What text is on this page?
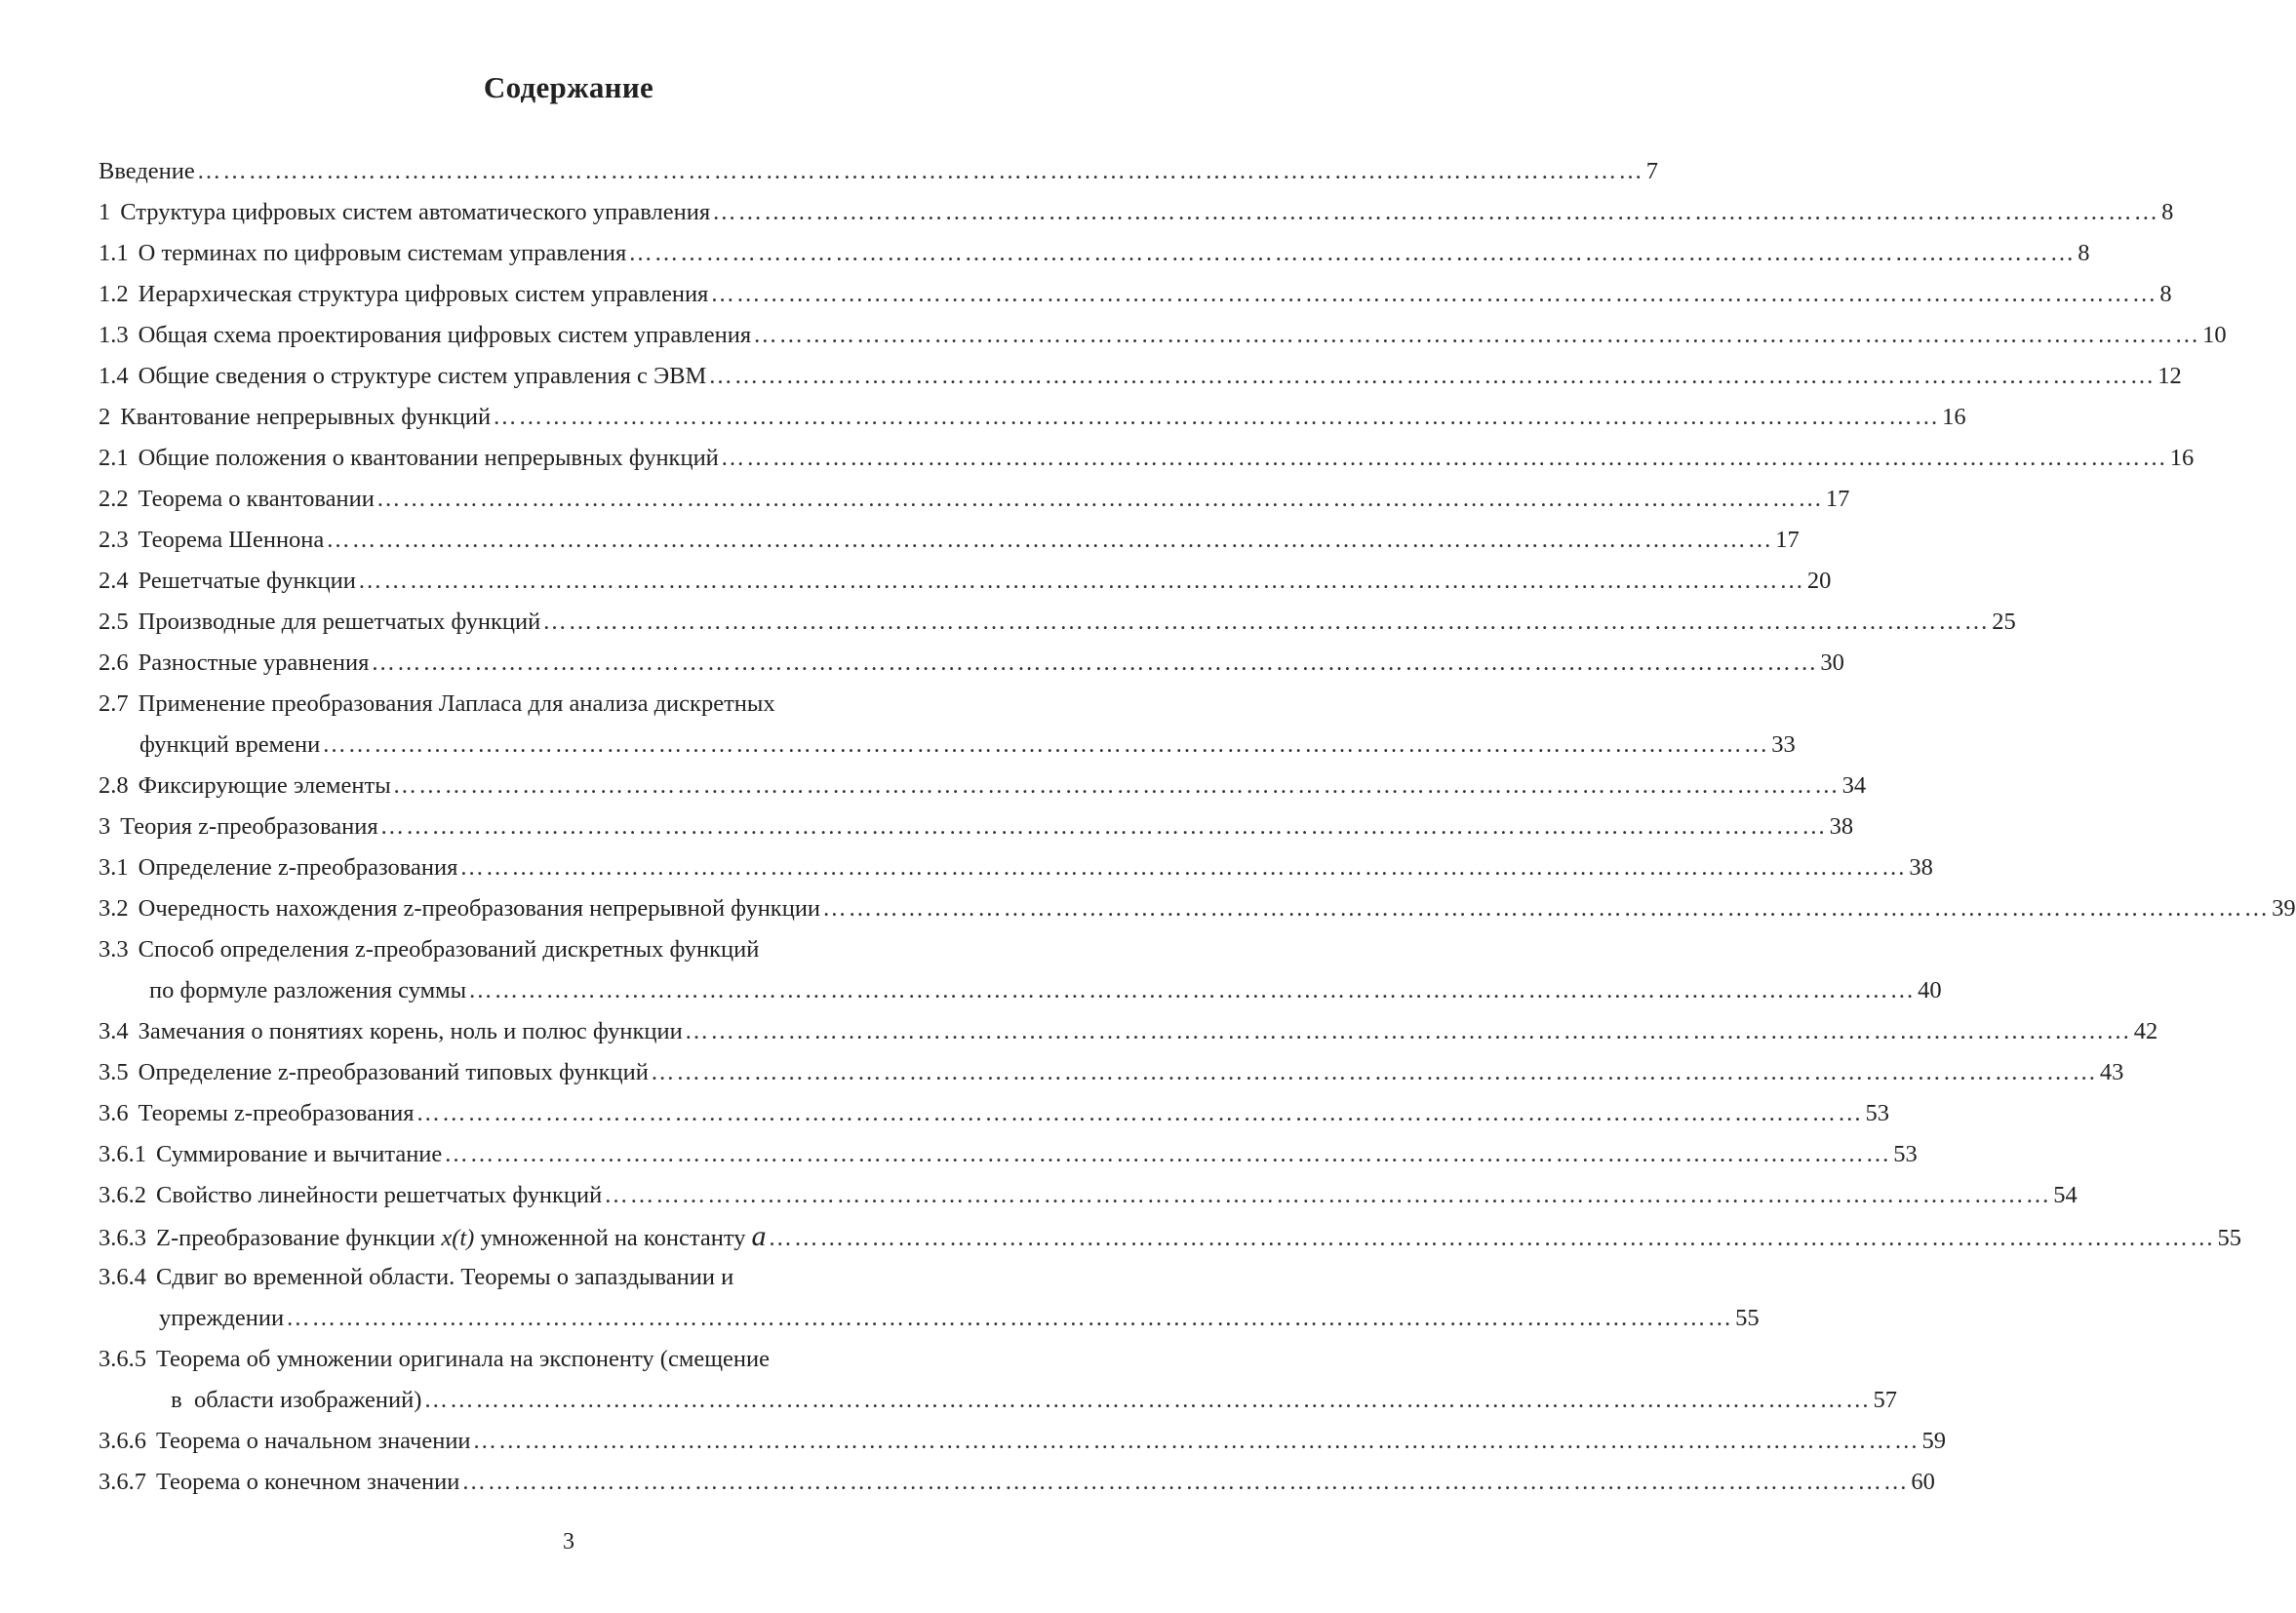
Содержание
Введение ……………………………………………………………………………………………………………………………………………………	7
1 Структура цифровых систем автоматического управления ……………………………………………………………………………………………………………………………………………………	8
1.1 О терминах по цифровым системам управления ……………………………………………………………………………………………………………………………………………………	8
1.2 Иерархическая структура цифровых систем управления ……………………………………………………………………………………………………………………………………………………	8
1.3 Общая схема проектирования цифровых систем управления ……………………………………………………………………………………………………………………………………………………	10
1.4 Общие сведения о структуре систем управления с ЭВМ ……………………………………………………………………………………………………………………………………………………	12
2 Квантование непрерывных функций ……………………………………………………………………………………………………………………………………………………	16
2.1 Общие положения о квантовании непрерывных функций ……………………………………………………………………………………………………………………………………………………	16
2.2 Теорема о квантовании ……………………………………………………………………………………………………………………………………………………	17
2.3 Теорема Шеннона ……………………………………………………………………………………………………………………………………………………	17
2.4 Решетчатые функции ……………………………………………………………………………………………………………………………………………………	20
2.5 Производные для решетчатых функций ……………………………………………………………………………………………………………………………………………………	25
2.6 Разностные уравнения ……………………………………………………………………………………………………………………………………………………	30
2.7 Применение преобразования Лапласа для анализа дискретных
функций времени ……………………………………………………………………………………………………………………………………………………	33
2.8 Фиксирующие элементы ……………………………………………………………………………………………………………………………………………………	34
3 Теория z-преобразования ……………………………………………………………………………………………………………………………………………………	38
3.1 Определение z-преобразования ……………………………………………………………………………………………………………………………………………………	38
3.2 Очередность нахождения z-преобразования непрерывной функции ……………………………………………………………………………………………………………………………………………………	39
3.3 Способ определения z-преобразований дискретных функций
по формуле разложения суммы ……………………………………………………………………………………………………………………………………………………	40
3.4 Замечания о понятиях корень, ноль и полюс функции ……………………………………………………………………………………………………………………………………………………	42
3.5 Определение z-преобразований типовых функций ……………………………………………………………………………………………………………………………………………………	43
3.6 Теоремы z-преобразования ……………………………………………………………………………………………………………………………………………………	53
3.6.1 Суммирование и вычитание ……………………………………………………………………………………………………………………………………………………	53
3.6.2 Свойство линейности решетчатых функций ……………………………………………………………………………………………………………………………………………………	54
3.6.3 Z-преобразование функции x(t) умноженной на константу a ……………………………………………………………………………………………………………………………………………………	55
3.6.4 Сдвиг во временной области. Теоремы о запаздывании и
упреждении ……………………………………………………………………………………………………………………………………………………	55
3.6.5 Теорема об умножении оригинала на экспоненту (смещение
в  области изображений) ……………………………………………………………………………………………………………………………………………………	57
3.6.6 Теорема о начальном значении ……………………………………………………………………………………………………………………………………………………	59
3.6.7 Теорема о конечном значении ……………………………………………………………………………………………………………………………………………………	60
3
